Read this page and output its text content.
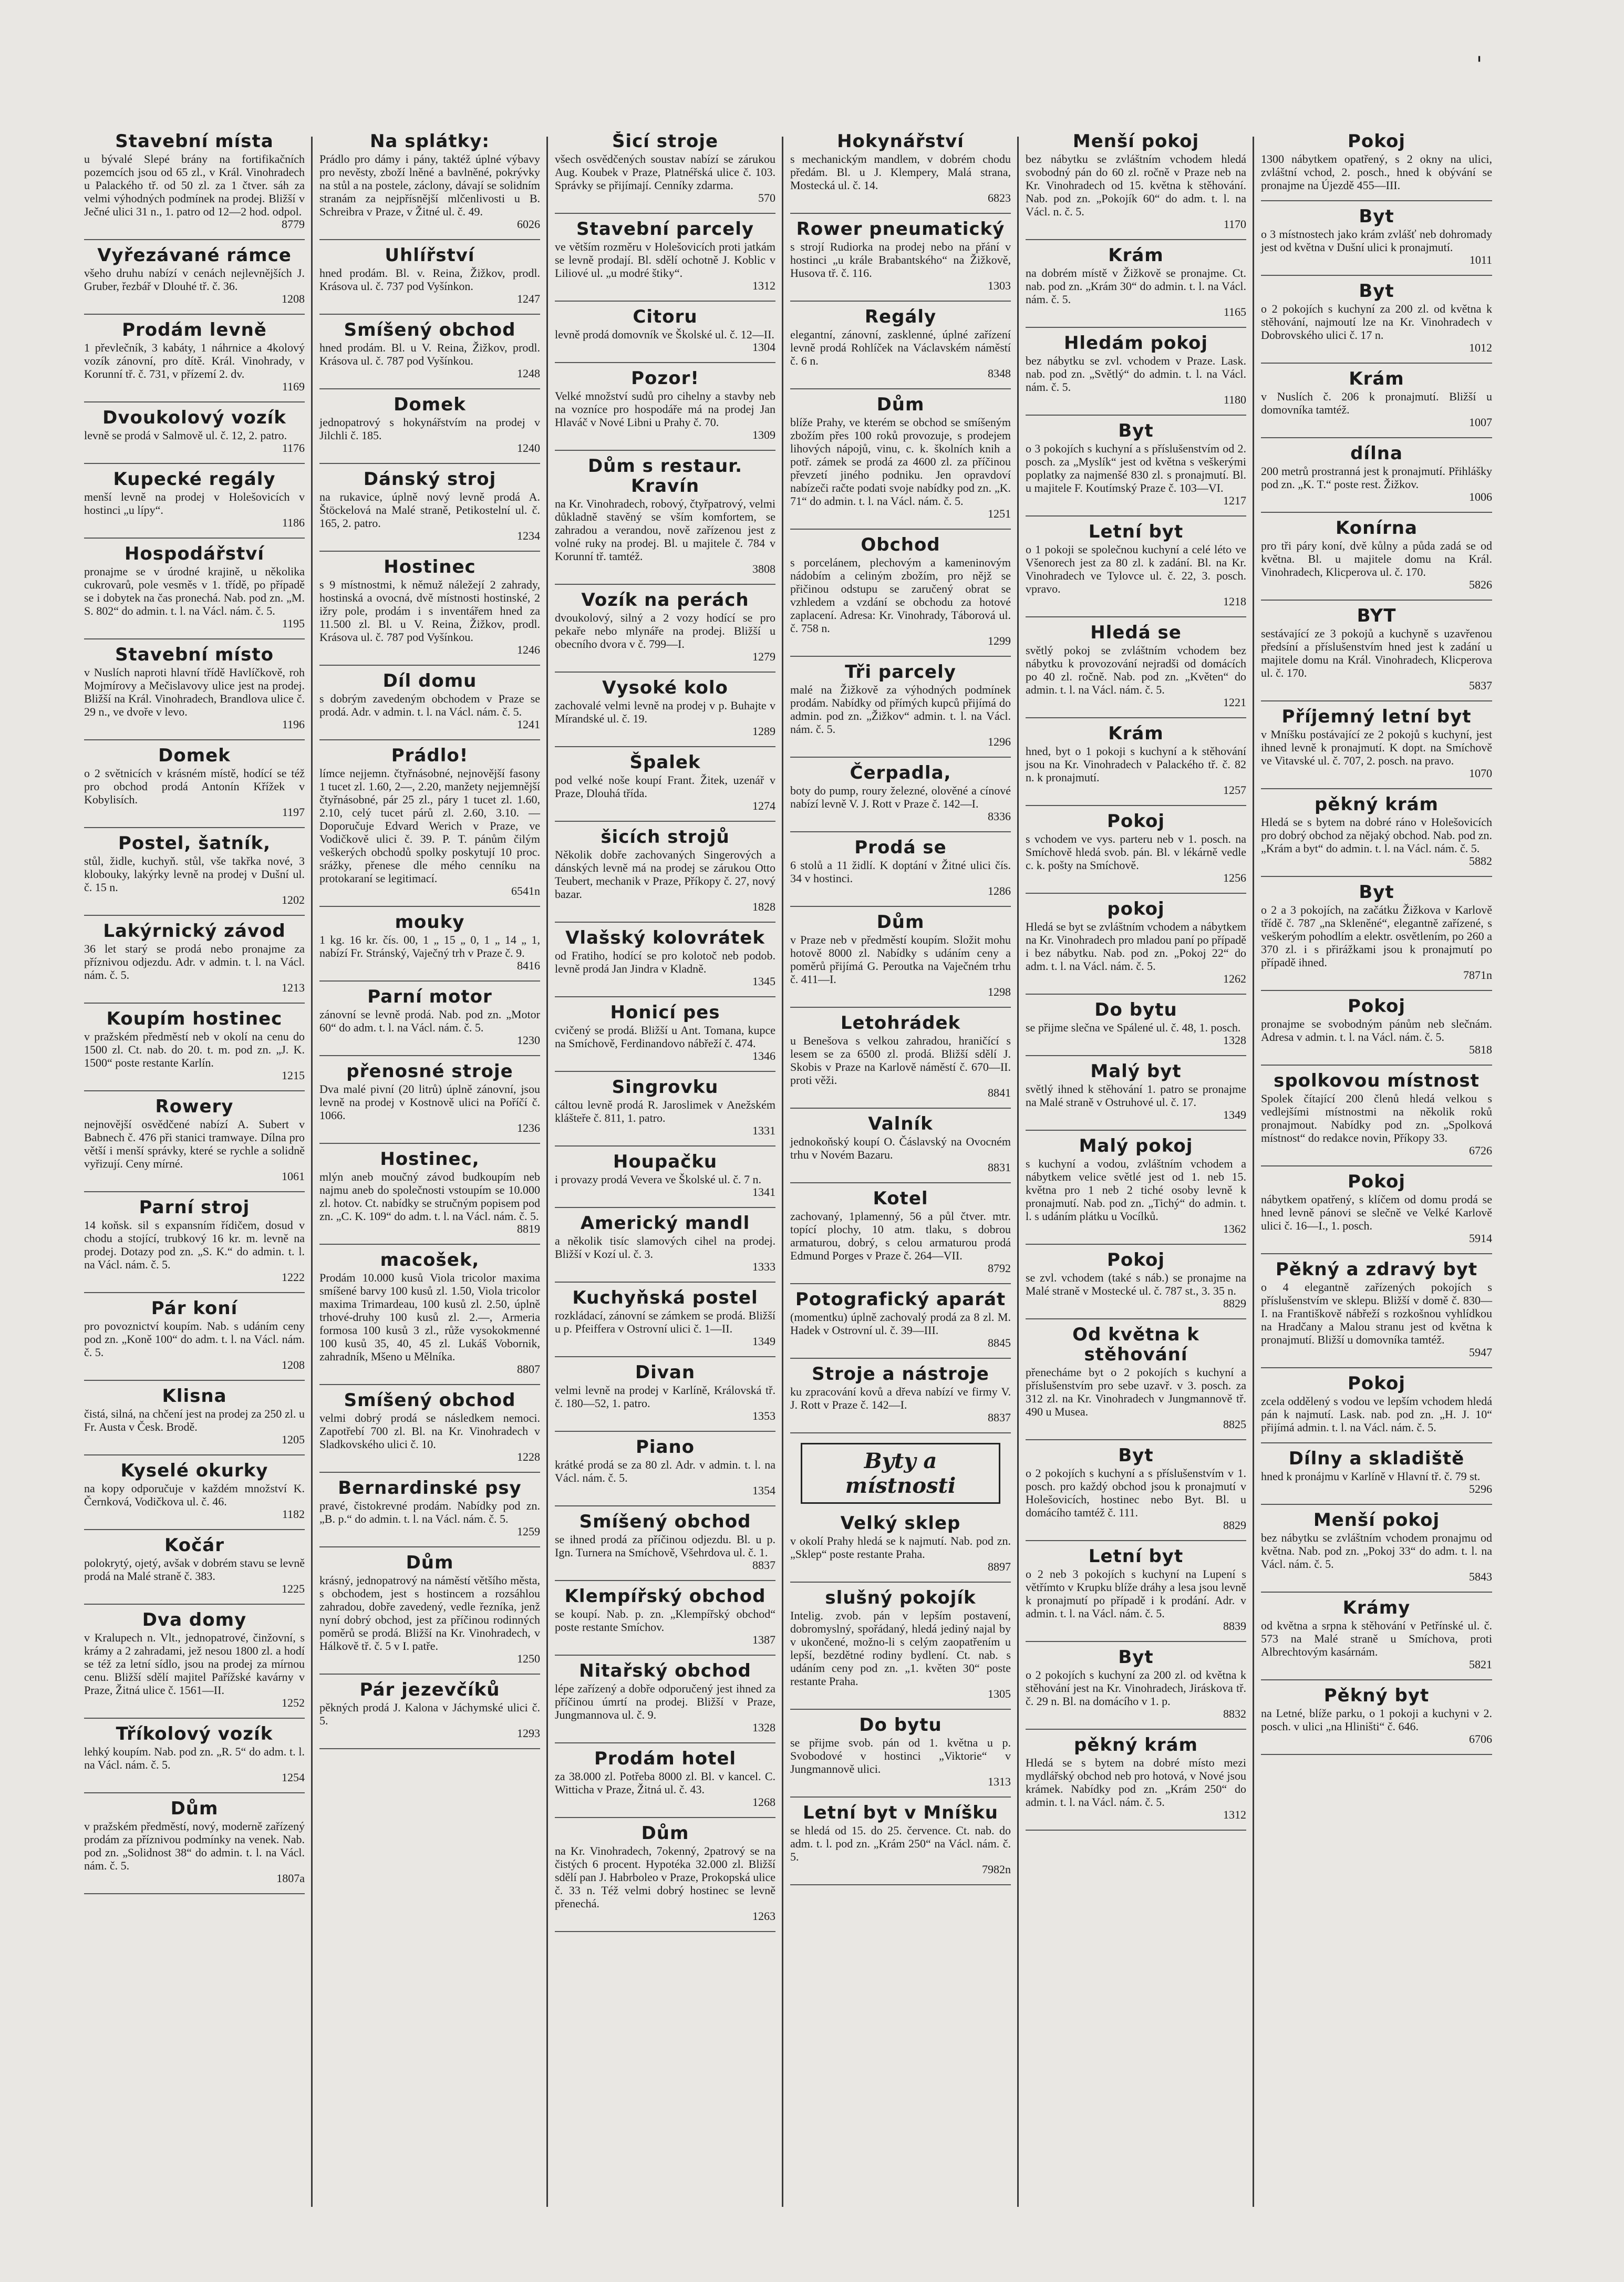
'
Stavební místa

u bývalé Slepé brány na fortifikačních pozemcích jsou od 65 zl., v Král. Vinohradech u Palackého tř. od 50 zl. za 1 čtver. sáh za velmi výhodných podmínek na prodej. Bližší v Ječné ulici 31 n., 1. patro od 12—2 hod. odpol.

8779
Vyřezávané rámce

všeho druhu nabízí v cenách nejlevnějších J. Gruber, řezbář v Dlouhé tř. č. 36.

1208
Prodám levně

1 převlečník, 3 kabáty, 1 náhrnice a 4kolový vozík zánovní, pro dítě. Král. Vinohrady, v Korunní tř. č. 731, v přízemí 2. dv.

1169
Dvoukolový vozík

levně se prodá v Salmově ul. č. 12, 2. patro.

1176
Kupecké regály

menší levně na prodej v Holešovicích v hostinci „u lípy“.

1186
Hospodářství

pronajme se v úrodné krajině, u několika cukrovarů, pole vesměs v 1. třídě, po případě se i dobytek na čas pronechá. Nab. pod zn. „M. S. 802“ do admin. t. l. na Václ. nám. č. 5.

1195
Stavební místo

v Nuslích naproti hlavní třídě Havlíčkově, roh Mojmírovy a Mečislavovy ulice jest na prodej. Bližší na Král. Vinohradech, Brandlova ulice č. 29 n., ve dvoře v levo.

1196
Domek

o 2 světnicích v krásném místě, hodící se též pro obchod prodá Antonín Křížek v Kobylisích.

1197
Postel, šatník,

stůl, židle, kuchyň. stůl, vše takřka nové, 3 klobouky, lakýrky levně na prodej v Dušní ul. č. 15 n.

1202
Lakýrnický závod

36 let starý se prodá nebo pronajme za příznivou odjezdu. Adr. v admin. t. l. na Václ. nám. č. 5.

1213
Koupím hostinec

v pražském předměstí neb v okolí na cenu do 1500 zl. Ct. nab. do 20. t. m. pod zn. „J. K. 1500“ poste restante Karlín.

1215
Rowery

nejnovější osvědčené nabízí A. Subert v Babnech č. 476 při stanici tramwaye. Dílna pro větší i menší správky, které se rychle a solidně vyřizují. Ceny mírné.

1061
Parní stroj

14 koňsk. sil s expansním řídičem, dosud v chodu a stojící, trubkový 16 kr. m. levně na prodej. Dotazy pod zn. „S. K.“ do admin. t. l. na Václ. nám. č. 5.

1222
Pár koní

pro povoznictví koupím. Nab. s udáním ceny pod zn. „Koně 100“ do adm. t. l. na Václ. nám. č. 5.

1208
Klisna

čistá, silná, na chčení jest na prodej za 250 zl. u Fr. Austa v Česk. Brodě.

1205
Kyselé okurky

na kopy odporučuje v každém množství K. Černková, Vodičkova ul. č. 46.

1182
Kočár

polokrytý, ojetý, avšak v dobrém stavu se levně prodá na Malé straně č. 383.

1225
Dva domy

v Kralupech n. Vlt., jednopatrové, činžovní, s krámy a 2 zahradami, jež nesou 1800 zl. a hodí se též za letní sídlo, jsou na prodej za mírnou cenu. Bližší sdělí majitel Pařížské kavárny v Praze, Žitná ulice č. 1561—II.

1252
Tříkolový vozík

lehký koupím. Nab. pod zn. „R. 5“ do adm. t. l. na Václ. nám. č. 5.

1254
Dům

v pražském předměstí, nový, moderně zařízený prodám za příznivou podmínky na venek. Nab. pod zn. „Solidnost 38“ do admin. t. l. na Václ. nám. č. 5.

1807a
Na splátky:

Prádlo pro dámy i pány, taktéž úplné výbavy pro nevěsty, zboží lněné a bavlněné, pokrývky na stůl a na postele, záclony, dávají se solidním stranám za nejpřísnější mlčenlivosti u B. Schreibra v Praze, v Žitné ul. č. 49.

6026
Uhlířství

hned prodám. Bl. v. Reina, Žižkov, prodl. Krásova ul. č. 737 pod Vyšínkon.

1247
Smíšený obchod

hned prodám. Bl. u V. Reina, Žižkov, prodl. Krásova ul. č. 787 pod Vyšínkou.

1248
Domek

jednopatrový s hokynářstvím na prodej v Jilchli č. 185.

1240
Dánský stroj

na rukavice, úplně nový levně prodá A. Štöckelová na Malé straně, Petikostelní ul. č. 165, 2. patro.

1234
Hostinec

s 9 místnostmi, k němuž náležejí 2 zahrady, hostinská a ovocná, dvě místnosti hostinské, 2 ižry pole, prodám i s inventářem hned za 11.500 zl. Bl. u V. Reina, Žižkov, prodl. Krásova ul. č. 787 pod Vyšínkou.

1246
Díl domu

s dobrým zavedeným obchodem v Praze se prodá. Adr. v admin. t. l. na Václ. nám. č. 5.

1241
Prádlo!

límce nejjemn. čtyřnásobné, nejnovější fasony 1 tucet zl. 1.60, 2—, 2.20, manžety nejjemnější čtyřnásobné, pár 25 zl., páry 1 tucet zl. 1.60, 2.10, celý tucet párů zl. 2.60, 3.10. — Doporučuje Edvard Werich v Praze, ve Vodičkově ulici č. 39. P. T. pánům čilým veškerých obchodů spolky poskytují 10 proc. srážky, přenese dle mého cenníku na protokaraní se legitimací.

6541n
mouky

1 kg. 16 kr. čís. 00, 1 „ 15 „ 0, 1 „ 14 „ 1, nabízí Fr. Stránský, Vaječný trh v Praze č. 9.

8416
Parní motor

zánovní se levně prodá. Nab. pod zn. „Motor 60“ do adm. t. l. na Václ. nám. č. 5.

1230
přenosné stroje

Dva malé pivní (20 litrů) úplně zánovní, jsou levně na prodej v Kostnově ulici na Poříčí č. 1066.

1236
Hostinec,

mlýn aneb moučný závod budkoupím neb najmu aneb do společnosti vstoupím se 10.000 zl. hotov. Ct. nabídky se stručným popisem pod zn. „C. K. 109“ do adm. t. l. na Václ. nám. č. 5.

8819
macošek,

Prodám 10.000 kusů Viola tricolor maxima smíšené barvy 100 kusů zl. 1.50, Viola tricolor maxima Trimardeau, 100 kusů zl. 2.50, úplně trhové-druhy 100 kusů zl. 2.—, Armeria formosa 100 kusů 3 zl., růže vysokokmenné 100 kusů 35, 40, 45 zl. Lukáš Vobornik, zahradník, Mšeno u Mělníka.

8807
Smíšený obchod

velmi dobrý prodá se následkem nemoci. Zapotřebí 700 zl. Bl. na Kr. Vinohradech v Sladkovského ulici č. 10.

1228
Bernardinské psy

pravé, čistokrevné prodám. Nabídky pod zn. „B. p.“ do admin. t. l. na Václ. nám. č. 5.

1259
Dům

krásný, jednopatrový na náměstí většího města, s obchodem, jest s hostincem a rozsáhlou zahradou, dobře zavedený, vedle řezníka, jenž nyní dobrý obchod, jest za příčinou rodinných poměrů se prodá. Bližší na Kr. Vinohradech, v Hálkově tř. č. 5 v I. patře.

1250
Pár jezevčíků

pěkných prodá J. Kalona v Jáchymské ulici č. 5.

1293
Šicí stroje

všech osvědčených soustav nabízí se zárukou Aug. Koubek v Praze, Platnéřská ulice č. 103. Správky se přijímají. Cenníky zdarma.

570
Stavební parcely

ve větším rozměru v Holešovicích proti jatkám se levně prodají. Bl. sdělí ochotně J. Koblic v Liliové ul. „u modré štiky“.

1312
Citoru

levně prodá domovník ve Školské ul. č. 12—II.

1304
Pozor!

Velké množství sudů pro cihelny a stavby neb na vozníce pro hospodáře má na prodej Jan Hlaváč v Nové Libni u Prahy č. 70.

1309
Dům s restaur. Kravín

na Kr. Vinohradech, robový, čtyřpatrový, velmi důkladně stavěný se vším komfortem, se zahradou a verandou, nově zařízenou jest z volné ruky na prodej. Bl. u majitele č. 784 v Korunní tř. tamtéž.

3808
Vozík na perách

dvoukolový, silný a 2 vozy hodící se pro pekaře nebo mlynáře na prodej. Bližší u obecního dvora v č. 799—I.

1279
Vysoké kolo

zachovalé velmi levně na prodej v p. Buhajte v Mírandské ul. č. 19.

1289
Špalek

pod velké noše koupí Frant. Žitek, uzenář v Praze, Dlouhá třída.

1274
šicích strojů

Několik dobře zachovaných Singerových a dánských levně má na prodej se zárukou Otto Teubert, mechanik v Praze, Příkopy č. 27, nový bazar.

1828
Vlašský kolovrátek

od Fratiho, hodící se pro kolotoč neb podob. levně prodá Jan Jindra v Kladně.

1345
Honicí pes

cvičený se prodá. Bližší u Ant. Tomana, kupce na Smíchově, Ferdinandovo nábřeží č. 474.

1346
Singrovku

cáltou levně prodá R. Jaroslimek v Anežském klášteře č. 811, 1. patro.

1331
Houpačku

i provazy prodá Vevera ve Školské ul. č. 7 n.

1341
Americký mandl

a několik tisíc slamových cihel na prodej. Bližší v Kozí ul. č. 3.

1333
Kuchyňská postel

rozkládací, zánovní se zámkem se prodá. Bližší u p. Pfeiffera v Ostrovní ulici č. 1—II.

1349
Divan

velmi levně na prodej v Karlíně, Královská tř. č. 180—52, 1. patro.

1353
Piano

krátké prodá se za 80 zl. Adr. v admin. t. l. na Václ. nám. č. 5.

1354
Smíšený obchod

se ihned prodá za příčinou odjezdu. Bl. u p. Ign. Turnera na Smíchově, Všehrdova ul. č. 1.

8837
Klempířský obchod

se koupí. Nab. p. zn. „Klempířský obchod“ poste restante Smíchov.

1387
Nitařský obchod

lépe zařízený a dobře odporučený jest ihned za příčinou úmrtí na prodej. Bližší v Praze, Jungmannova ul. č. 9.

1328
Prodám hotel

za 38.000 zl. Potřeba 8000 zl. Bl. v kancel. C. Witticha v Praze, Žitná ul. č. 43.

1268
Dům

na Kr. Vinohradech, 7okenný, 2patrový se na čistých 6 procent. Hypotéka 32.000 zl. Bližší sdělí pan J. Habrboleo v Praze, Prokopská ulice č. 33 n. Též velmi dobrý hostinec se levně přenechá.

1263
Hokynářství

s mechanickým mandlem, v dobrém chodu předám. Bl. u J. Klempery, Malá strana, Mostecká ul. č. 14.

6823
Rower pneumatický

s strojí Rudiorka na prodej nebo na přání v hostinci „u krále Brabantského“ na Žižkově, Husova tř. č. 116.

1303
Regály

elegantní, zánovní, zasklenné, úplné zařízení levně prodá Rohlíček na Václavském náměstí č. 6 n.

8348
Dům

blíže Prahy, ve kterém se obchod se smíšeným zbožím přes 100 roků provozuje, s prodejem lihových nápojů, vinu, c. k. školních knih a potř. zámek se prodá za 4600 zl. za příčinou převzetí jiného podniku. Jen opravdoví nabízeči račte podati svoje nabídky pod zn. „K. 71“ do admin. t. l. na Václ. nám. č. 5.

1251
Obchod

s porcelánem, plechovým a kameninovým nádobím a celiným zbožím, pro nějž se přičinou odstupu se zaručený obrat se vzhledem a vzdání se obchodu za hotové zaplacení. Adresa: Kr. Vinohrady, Táborová ul. č. 758 n.

1299
Tři parcely

malé na Žižkově za výhodných podmínek prodám. Nabídky od přímých kupců přijímá do admin. pod zn. „Žižkov“ admin. t. l. na Václ. nám. č. 5.

1296
Čerpadla,

boty do pump, roury železné, olověné a cínové nabízí levně V. J. Rott v Praze č. 142—I.

8336
Prodá se

6 stolů a 11 židlí. K doptání v Žitné ulici čís. 34 v hostinci.

1286
Dům

v Praze neb v předměstí koupím. Složit mohu hotově 8000 zl. Nabídky s udáním ceny a poměrů přijímá G. Peroutka na Vaječném trhu č. 411—I.

1298
Letohrádek

u Benešova s velkou zahradou, hraničící s lesem se za 6500 zl. prodá. Bližší sdělí J. Skobis v Praze na Karlově náměstí č. 670—II. proti věži.

8841
Valník

jednokoňský koupí O. Čáslavský na Ovocném trhu v Novém Bazaru.

8831
Kotel

zachovaný, 1plamenný, 56 a půl čtver. mtr. topící plochy, 10 atm. tlaku, s dobrou armaturou, dobrý, s celou armaturou prodá Edmund Porges v Praze č. 264—VII.

8792
Potografický aparát

(momentku) úplně zachovalý prodá za 8 zl. M. Hadek v Ostrovní ul. č. 39—III.

8845
Stroje a nástroje

ku zpracování kovů a dřeva nabízí ve firmy V. J. Rott v Praze č. 142—I.

8837
Byty a místnosti
Velký sklep

v okolí Prahy hledá se k najmutí. Nab. pod zn. „Sklep“ poste restante Praha.

8897
slušný pokojík

Intelig. zvob. pán v lepším postavení, dobromyslný, spořádaný, hledá jediný najal by v ukončené, možno-li s celým zaopatřením u lepší, bezdětné rodiny bydlení. Ct. nab. s udáním ceny pod zn. „1. květen 30“ poste restante Praha.

1305
Do bytu

se přijme svob. pán od 1. května u p. Svobodové v hostinci „Viktorie“ v Jungmannově ulici.

1313
Letní byt v Mníšku

se hledá od 15. do 25. července. Ct. nab. do adm. t. l. pod zn. „Krám 250“ na Václ. nám. č. 5.

7982n
Menší pokoj

bez nábytku se zvláštním vchodem hledá svobodný pán do 60 zl. ročně v Praze neb na Kr. Vinohradech od 15. května k stěhování. Nab. pod zn. „Pokojík 60“ do adm. t. l. na Václ. n. č. 5.

1170
Krám

na dobrém místě v Žižkově se pronajme. Ct. nab. pod zn. „Krám 30“ do admin. t. l. na Václ. nám. č. 5.

1165
Hledám pokoj

bez nábytku se zvl. vchodem v Praze. Lask. nab. pod zn. „Světlý“ do admin. t. l. na Václ. nám. č. 5.

1180
Byt

o 3 pokojích s kuchyní a s příslušenstvím od 2. posch. za „Myslík“ jest od května s veškerými poplatky za najmenšé 830 zl. s pronajmutí. Bl. u majitele F. Koutímský Praze č. 103—VI.

1217
Letní byt

o 1 pokoji se společnou kuchyní a celé léto ve Všenorech jest za 80 zl. k zadání. Bl. na Kr. Vinohradech ve Tylovce ul. č. 22, 3. posch. vpravo.

1218
Hledá se

světlý pokoj se zvláštním vchodem bez nábytku k provozování nejradši od domácích po 40 zl. ročně. Nab. pod zn. „Květen“ do admin. t. l. na Václ. nám. č. 5.

1221
Krám

hned, byt o 1 pokoji s kuchyní a k stěhování jsou na Kr. Vinohradech v Palackého tř. č. 82 n. k pronajmutí.

1257
Pokoj

s vchodem ve vys. parteru neb v 1. posch. na Smíchově hledá svob. pán. Bl. v lékárně vedle c. k. pošty na Smíchově.

1256
pokoj

Hledá se byt se zvláštním vchodem a nábytkem na Kr. Vinohradech pro mladou paní po případě i bez nábytku. Nab. pod zn. „Pokoj 22“ do adm. t. l. na Václ. nám. č. 5.

1262
Do bytu

se přijme slečna ve Spálené ul. č. 48, 1. posch.

1328
Malý byt

světlý ihned k stěhování 1. patro se pronajme na Malé straně v Ostruhové ul. č. 17.

1349
Malý pokoj

s kuchyní a vodou, zvláštním vchodem a nábytkem velice světlé jest od 1. neb 15. května pro 1 neb 2 tiché osoby levně k pronajmutí. Nab. pod zn. „Tichý“ do admin. t. l. s udáním plátku u Vocílků.

1362
Pokoj

se zvl. vchodem (také s náb.) se pronajme na Malé straně v Mostecké ul. č. 787 st., 3. 35 n.

8829
Od května k stěhování

přenecháme byt o 2 pokojích s kuchyní a příslušenstvím pro sebe uzavř. v 3. posch. za 312 zl. na Kr. Vinohradech v Jungmannově tř. 490 u Musea.

8825
Byt

o 2 pokojích s kuchyní a s příslušenstvím v 1. posch. pro každý obchod jsou k pronajmutí v Holešovicích, hostinec nebo Byt. Bl. u domácího tamtéž č. 111.

8829
Letní byt

o 2 neb 3 pokojích s kuchyní na Lupení s větřímto v Krupku blíže dráhy a lesa jsou levně k pronajmutí po případě i k prodání. Adr. v admin. t. l. na Václ. nám. č. 5.

8839
Byt

o 2 pokojích s kuchyní za 200 zl. od května k stěhování jest na Kr. Vinohradech, Jiráskova tř. č. 29 n. Bl. na domácího v 1. p.

8832
pěkný krám

Hledá se s bytem na dobré místo mezi mydlářský obchod neb pro hotová, v Nové jsou krámek. Nabídky pod zn. „Krám 250“ do admin. t. l. na Václ. nám. č. 5.

1312
Pokoj

1300 nábytkem opatřený, s 2 okny na ulici, zvláštní vchod, 2. posch., hned k obývání se pronajme na Újezdě 455—III.

Byt

o 3 místnostech jako krám zvlášť neb dohromady jest od května v Dušní ulici k pronajmutí.

1011
Byt

o 2 pokojích s kuchyní za 200 zl. od května k stěhování, najmoutí lze na Kr. Vinohradech v Dobrovského ulici č. 17 n.

1012
Krám

v Nuslích č. 206 k pronajmutí. Bližší u domovníka tamtéž.

1007
dílna

200 metrů prostranná jest k pronajmutí. Přihlášky pod zn. „K. T.“ poste rest. Žižkov.

1006
Konírna

pro tři páry koní, dvě kůlny a půda zadá se od května. Bl. u majitele domu na Král. Vinohradech, Klicperova ul. č. 170.

5826
BYT

sestávající ze 3 pokojů a kuchyně s uzavřenou předsíní a příslušenstvím hned jest k zadání u majitele domu na Král. Vinohradech, Klicperova ul. č. 170.

5837
Příjemný letní byt

v Mníšku postávající ze 2 pokojů s kuchyní, jest ihned levně k pronajmutí. K dopt. na Smíchově ve Vitavské ul. č. 707, 2. posch. na pravo.

1070
pěkný krám

Hledá se s bytem na dobré ráno v Holešovicích pro dobrý obchod za nějaký obchod. Nab. pod zn. „Krám a byt“ do admin. t. l. na Václ. nám. č. 5.

5882
Byt

o 2 a 3 pokojích, na začátku Žižkova v Karlově třídě č. 787 „na Skleněné“, elegantně zařízené, s veškerým pohodlím a elektr. osvětlením, po 260 a 370 zl. i s přirážkami jsou k pronajmutí po případě ihned.

7871n
Pokoj

pronajme se svobodným pánům neb slečnám. Adresa v admin. t. l. na Václ. nám. č. 5.

5818
spolkovou místnost

Spolek čítající 200 členů hledá velkou s vedlejšími místnostmi na několik roků pronajmout. Nabídky pod zn. „Spolková místnost“ do redakce novin, Příkopy 33.

6726
Pokoj

nábytkem opatřený, s klíčem od domu prodá se hned levně pánovi se slečně ve Velké Karlově ulici č. 16—I., 1. posch.

5914
Pěkný a zdravý byt

o 4 elegantně zařízených pokojích s příslušenstvím ve sklepu. Bližší v domě č. 830—I. na Františkově nábřeží s rozkošnou vyhlídkou na Hradčany a Malou stranu jest od května k pronajmutí. Bližší u domovníka tamtéž.

5947
Pokoj

zcela oddělený s vodou ve lepším vchodem hledá pán k najmutí. Lask. nab. pod zn. „H. J. 10“ přijímá admin. t. l. na Václ. nám. č. 5.

Dílny a skladiště

hned k pronájmu v Karlíně v Hlavní tř. č. 79 st.

5296
Menší pokoj

bez nábytku se zvláštním vchodem pronajmu od května. Nab. pod zn. „Pokoj 33“ do adm. t. l. na Václ. nám. č. 5.

5843
Krámy

od května a srpna k stěhování v Petřínské ul. č. 573 na Malé straně u Smíchova, proti Albrechtovým kasárnám.

5821
Pěkný byt

na Letné, blíže parku, o 1 pokoji a kuchyni v 2. posch. v ulici „na Hliništi“ č. 646.

6706
